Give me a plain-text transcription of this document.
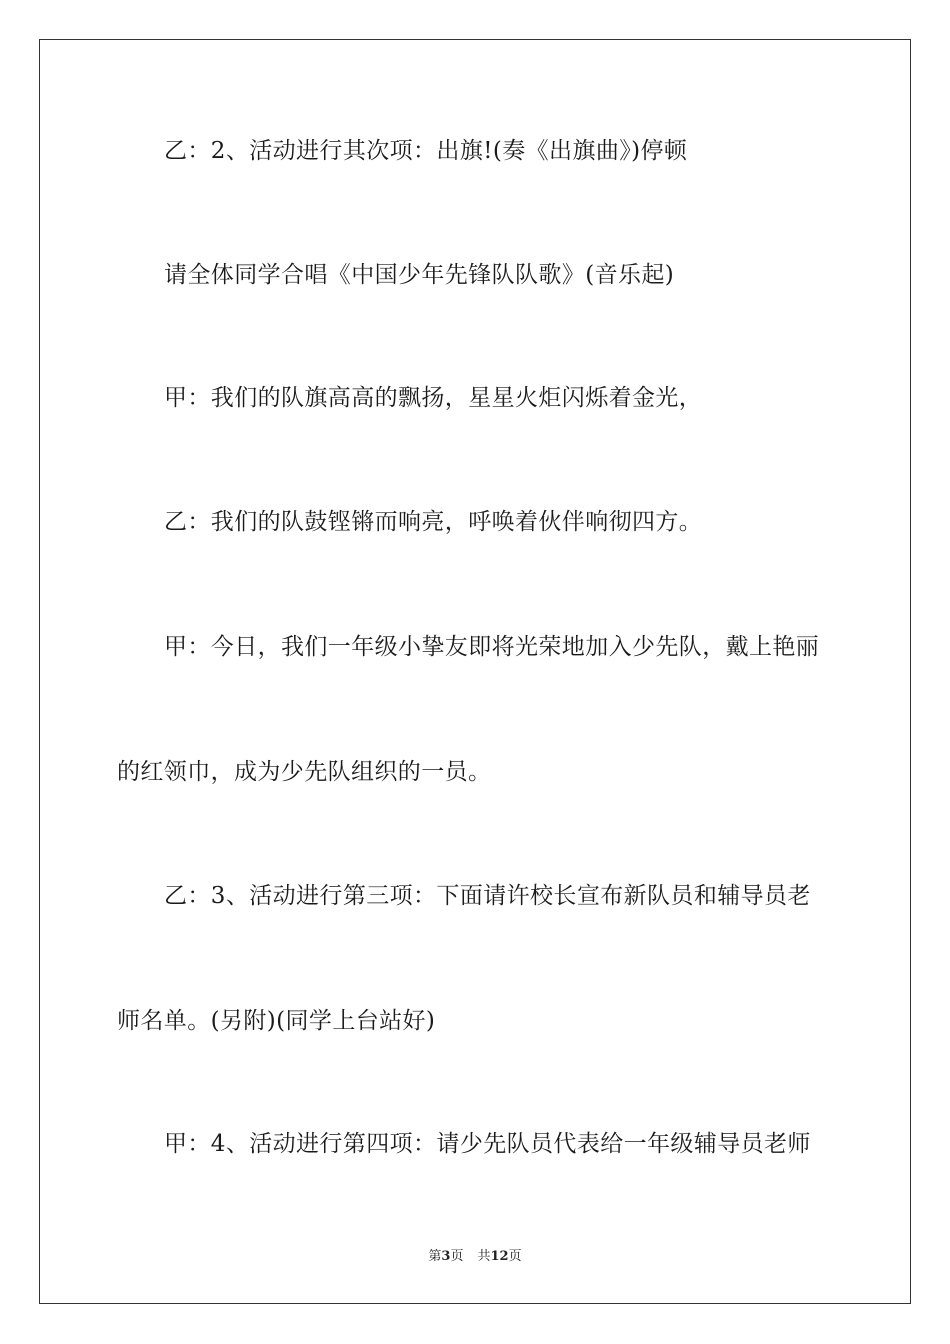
乙：2、活动进行其次项：出旗!(奏《出旗曲》)停顿
请全体同学合唱《中国少年先锋队队歌》(音乐起)
甲：我们的队旗高高的飘扬，星星火炬闪烁着金光，
乙：我们的队鼓铿锵而响亮，呼唤着伙伴响彻四方。
甲：今日，我们一年级小挚友即将光荣地加入少先队，戴上艳丽
的红领巾，成为少先队组织的一员。
乙：3、活动进行第三项：下面请许校长宣布新队员和辅导员老
师名单。(另附)(同学上台站好)
甲：4、活动进行第四项：请少先队员代表给一年级辅导员老师
第3页 共12页
